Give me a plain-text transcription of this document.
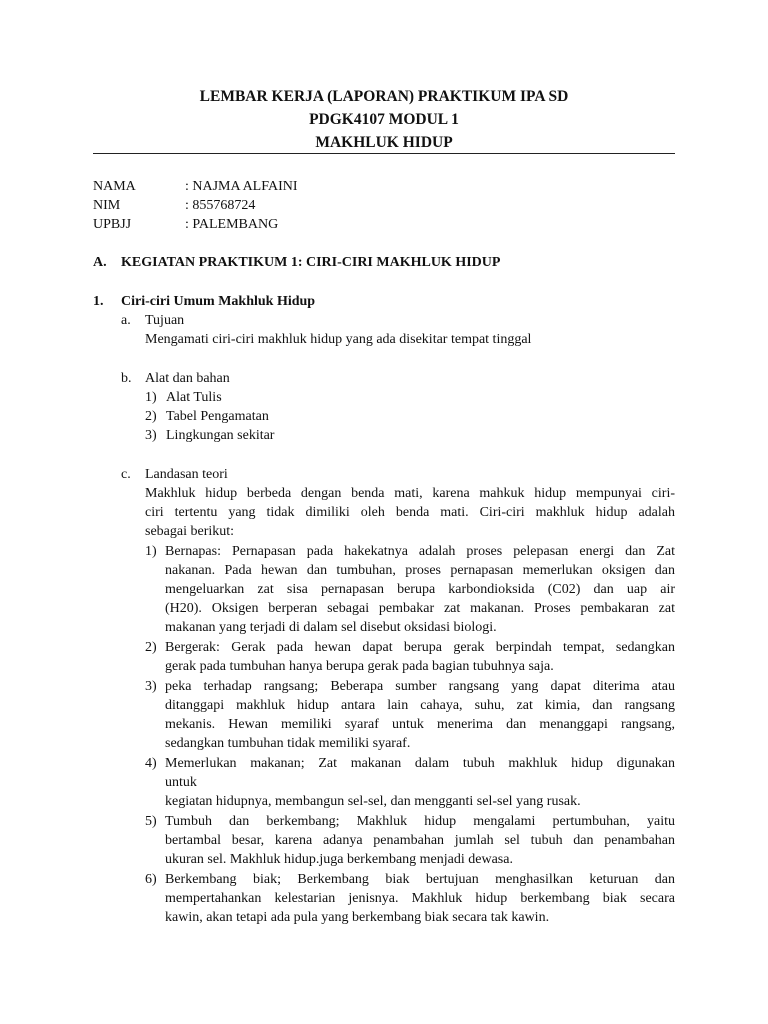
LEMBAR KERJA (LAPORAN) PRAKTIKUM IPA SD
PDGK4107 MODUL 1
MAKHLUK HIDUP
NAMA	: NAJMA ALFAINI
NIM	: 855768724
UPBJJ	: PALEMBANG
A. KEGIATAN PRAKTIKUM 1: CIRI-CIRI MAKHLUK HIDUP
1. Ciri-ciri Umum Makhluk Hidup
a. Tujuan
Mengamati ciri-ciri makhluk hidup yang ada disekitar tempat tinggal
b. Alat dan bahan
1) Alat Tulis
2) Tabel Pengamatan
3) Lingkungan sekitar
c. Landasan teori
Makhluk hidup berbeda dengan benda mati, karena mahkuk hidup mempunyai ciri-
ciri tertentu yang tidak dimiliki oleh benda mati. Ciri-ciri makhluk hidup adalah
sebagai berikut:
1) Bernapas: Pernapasan pada hakekatnya adalah proses pelepasan energi dan Zat
nakanan. Pada hewan dan tumbuhan, proses pernapasan memerlukan oksigen dan
mengeluarkan zat sisa pernapasan berupa karbondioksida (C02) dan uap air
(H20). Oksigen berperan sebagai pembakar zat makanan. Proses pembakaran zat
makanan yang terjadi di dalam sel disebut oksidasi biologi.
2) Bergerak: Gerak pada hewan dapat berupa gerak berpindah tempat, sedangkan
gerak pada tumbuhan hanya berupa gerak pada bagian tubuhnya saja.
3) peka terhadap rangsang; Beberapa sumber rangsang yang dapat diterima atau
ditanggapi makhluk hidup antara lain cahaya, suhu, zat kimia, dan rangsang
mekanis. Hewan memiliki syaraf untuk menerima dan menanggapi rangsang,
sedangkan tumbuhan tidak memiliki syaraf.
4) Memerlukan makanan; Zat makanan dalam tubuh makhluk hidup digunakan
untuk
kegiatan hidupnya, membangun sel-sel, dan mengganti sel-sel yang rusak.
5) Tumbuh dan berkembang; Makhluk hidup mengalami pertumbuhan, yaitu
bertambal besar, karena adanya penambahan jumlah sel tubuh dan penambahan
ukuran sel. Makhluk hidup.juga berkembang menjadi dewasa.
6) Berkembang biak; Berkembang biak bertujuan menghasilkan keturuan dan
mempertahankan kelestarian jenisnya. Makhluk hidup berkembang biak secara
kawin, akan tetapi ada pula yang berkembang biak secara tak kawin.
